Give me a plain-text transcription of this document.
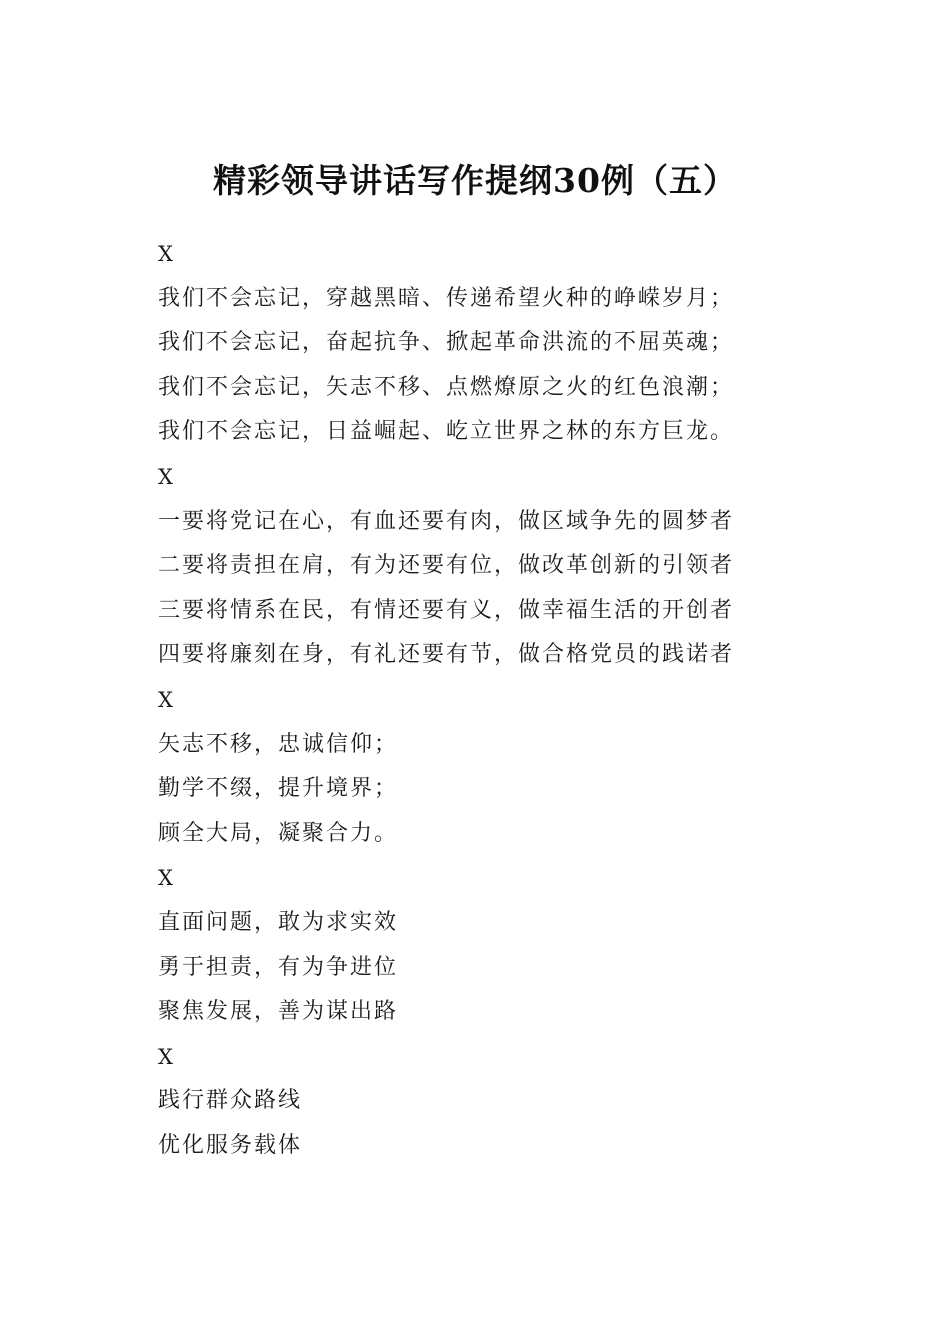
精彩领导讲话写作提纲30例（五）
X
我们不会忘记，穿越黑暗、传递希望火种的峥嵘岁月；
我们不会忘记，奋起抗争、掀起革命洪流的不屈英魂；
我们不会忘记，矢志不移、点燃燎原之火的红色浪潮；
我们不会忘记，日益崛起、屹立世界之林的东方巨龙。
X
一要将党记在心，有血还要有肉，做区域争先的圆梦者
二要将责担在肩，有为还要有位，做改革创新的引领者
三要将情系在民，有情还要有义，做幸福生活的开创者
四要将廉刻在身，有礼还要有节，做合格党员的践诺者
X
矢志不移，忠诚信仰；
勤学不缀，提升境界；
顾全大局，凝聚合力。
X
直面问题，敢为求实效
勇于担责，有为争进位
聚焦发展，善为谋出路
X
践行群众路线
优化服务载体
